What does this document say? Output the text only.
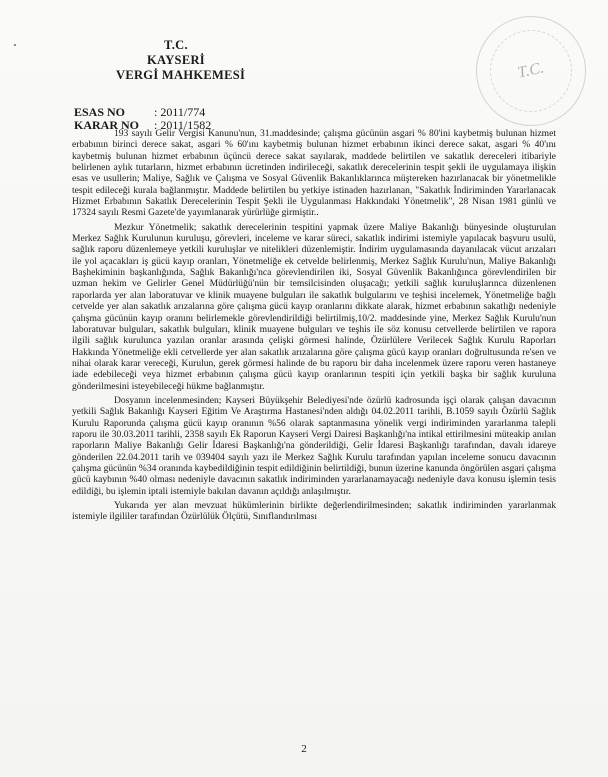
T.C.
KAYSERİ
VERGİ MAHKEMESİ	T.C.
ESAS NO : 2011/774
KARAR NO : 2011/1582

193 sayılı Gelir Vergisi Kanunu'nun, 31.maddesinde; çalışma gücünün asgari % 80'ini kaybetmiş bulunan hizmet erbabının birinci derece sakat, asgari % 60'ını kaybetmiş bulunan hizmet erbabının ikinci derece sakat, asgari % 40'ını kaybetmiş bulunan hizmet erbabının üçüncü derece sakat sayılarak, maddede belirtilen ve sakatlık dereceleri itibariyle belirlenen aylık tutarların, hizmet erbabının ücretinden indirileceği, sakatlık derecelerinin tespit şekli ile uygulamaya ilişkin esas ve usullerin; Maliye, Sağlık ve Çalışma ve Sosyal Güvenlik Bakanlıklarınca müştereken hazırlanacak bir yönetmelikle tespit edileceği kurala bağlanmıştır. Maddede belirtilen bu yetkiye istinaden hazırlanan, "Sakatlık İndiriminden Yararlanacak Hizmet Erbabının Sakatlık Derecelerinin Tespit Şekli ile Uygulanması Hakkındaki Yönetmelik", 28 Nisan 1981 günlü ve 17324 sayılı Resmi Gazete'de yayımlanarak yürürlüğe girmiştir..

Mezkur Yönetmelik; sakatlık derecelerinin tespitini yapmak üzere Maliye Bakanlığı bünyesinde oluşturulan Merkez Sağlık Kurulunun kuruluşu, görevleri, inceleme ve karar süreci, sakatlık indirimi istemiyle yapılacak başvuru usulü, sağlık raporu düzenlemeye yetkili kuruluşlar ve nitelikleri düzenlemiştir. İndirim uygulamasında dayanılacak vücut arızaları ile yol açacakları iş gücü kayıp oranları, Yönetmeliğe ek cetvelde belirlenmiş, Merkez Sağlık Kurulu'nun, Maliye Bakanlığı Başhekiminin başkanlığında, Sağlık Bakanlığı'nca görevlendirilen iki, Sosyal Güvenlik Bakanlığınca görevlendirilen bir uzman hekim ve Gelirler Genel Müdürlüğü'nün bir temsilcisinden oluşacağı; yetkili sağlık kuruluşlarınca düzenlenen raporlarda yer alan laboratuvar ve klinik muayene bulguları ile sakatlık bulgularını ve teşhisi incelemek, Yönetmeliğe bağlı cetvelde yer alan sakatlık arızalarına göre çalışma gücü kayıp oranlarını dikkate alarak, hizmet erbabının sakatlığı nedeniyle çalışma gücünün kayıp oranını belirlemekle görevlendirildiği belirtilmiş,10/2. maddesinde yine, Merkez Sağlık Kurulu'nun laboratuvar bulguları, sakatlık bulguları, klinik muayene bulguları ve teşhis ile söz konusu cetvellerde belirtilen ve rapora ilgili sağlık kurulunca yazılan oranlar arasında çelişki görmesi halinde, Özürlülere Verilecek Sağlık Kurulu Raporları Hakkında Yönetmeliğe ekli cetvellerde yer alan sakatlık arızalarına göre çalışma gücü kayıp oranları doğrultusunda re'sen ve nihai olarak karar vereceği, Kurulun, gerek görmesi halinde de bu raporu bir daha incelenmek üzere raporu veren hastaneye iade edebileceği veya hizmet erbabının çalışma gücü kayıp oranlarının tespiti için yetkili başka bir sağlık kuruluna gönderilmesini isteyebileceği hükme bağlanmıştır.

Dosyanın incelenmesinden; Kayseri Büyükşehir Belediyesi'nde özürlü kadrosunda işçi olarak çalışan davacının yetkili Sağlık Bakanlığı Kayseri Eğitim Ve Araştırma Hastanesi'nden aldığı 04.02.2011 tarihli, B.1059 sayılı Özürlü Sağlık Kurulu Raporunda çalışma gücü kayıp oranının %56 olarak saptanmasına yönelik vergi indiriminden yararlanma talepli raporu ile 30.03.2011 tarihli, 2358 sayılı Ek Raporun Kayseri Vergi Dairesi Başkanlığı'na intikal ettirilmesini müteakip anılan raporların Maliye Bakanlığı Gelir İdaresi Başkanlığı'na gönderildiği, Gelir İdaresi Başkanlığı tarafından, davalı idareye gönderilen 22.04.2011 tarih ve 039404 sayılı yazı ile Merkez Sağlık Kurulu tarafından yapılan inceleme sonucu davacının çalışma gücünün %34 oranında kaybedildiğinin tespit edildiğinin belirtildiği, bunun üzerine kanunda öngörülen asgari çalışma gücü kaybının %40 olması nedeniyle davacının sakatlık indiriminden yararlanamayacağı nedeniyle dava konusu işlemin tesis edildiği, bu işlemin iptali istemiyle bakılan davanın açıldığı anlaşılmıştır.

Yukarıda yer alan mevzuat hükümlerinin birlikte değerlendirilmesinden; sakatlık indiriminden yararlanmak istemiyle ilgililer tarafından Özürlülük Ölçütü, Sınıflandırılması

2
